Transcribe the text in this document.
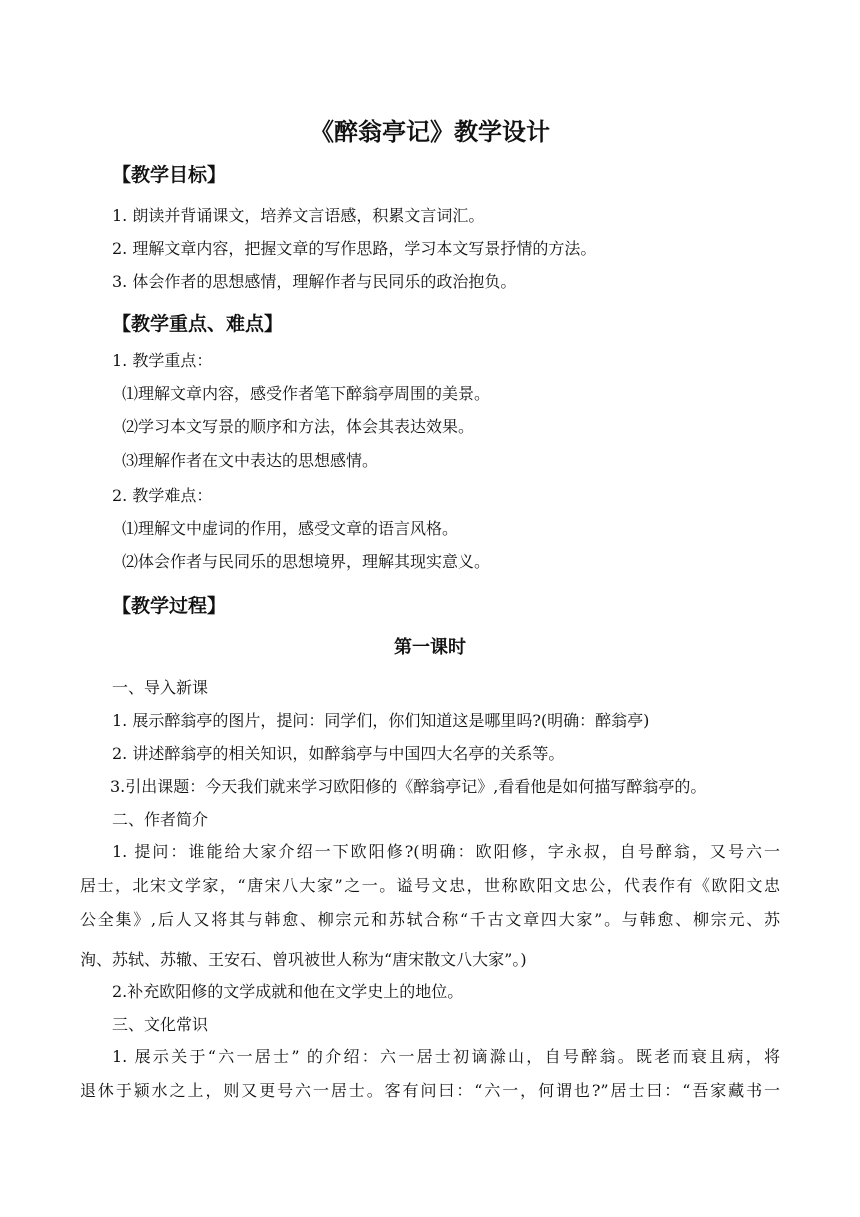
《醉翁亭记》教学设计
【教学目标】
1. 朗读并背诵课文，培养文言语感，积累文言词汇。
2. 理解文章内容，把握文章的写作思路，学习本文写景抒情的方法。
3. 体会作者的思想感情，理解作者与民同乐的政治抱负。
【教学重点、难点】
1. 教学重点：
⑴理解文章内容，感受作者笔下醉翁亭周围的美景。
⑵学习本文写景的顺序和方法，体会其表达效果。
⑶理解作者在文中表达的思想感情。
2. 教学难点：
⑴理解文中虚词的作用，感受文章的语言风格。
⑵体会作者与民同乐的思想境界，理解其现实意义。
【教学过程】
第一课时
一、导入新课
1. 展示醉翁亭的图片，提问：同学们，你们知道这是哪里吗?(明确：醉翁亭)
2. 讲述醉翁亭的相关知识，如醉翁亭与中国四大名亭的关系等。
3.引出课题：今天我们就来学习欧阳修的《醉翁亭记》,看看他是如何描写醉翁亭的。
二、作者简介
1. 提问：谁能给大家介绍一下欧阳修?(明确：欧阳修，字永叔，自号醉翁，又号六一
居士，北宋文学家，“唐宋八大家”之一。谥号文忠，世称欧阳文忠公，代表作有《欧阳文忠
公全集》,后人又将其与韩愈、柳宗元和苏轼合称“千古文章四大家”。与韩愈、柳宗元、苏
洵、苏轼、苏辙、王安石、曾巩被世人称为“唐宋散文八大家”。)
2.补充欧阳修的文学成就和他在文学史上的地位。
三、文化常识
1. 展示关于“六一居士” 的介绍：六一居士初谪滁山，自号醉翁。既老而衰且病，将
退休于颍水之上，则又更号六一居士。客有问曰：“六一，何谓也?”居士曰：“吾家藏书一
